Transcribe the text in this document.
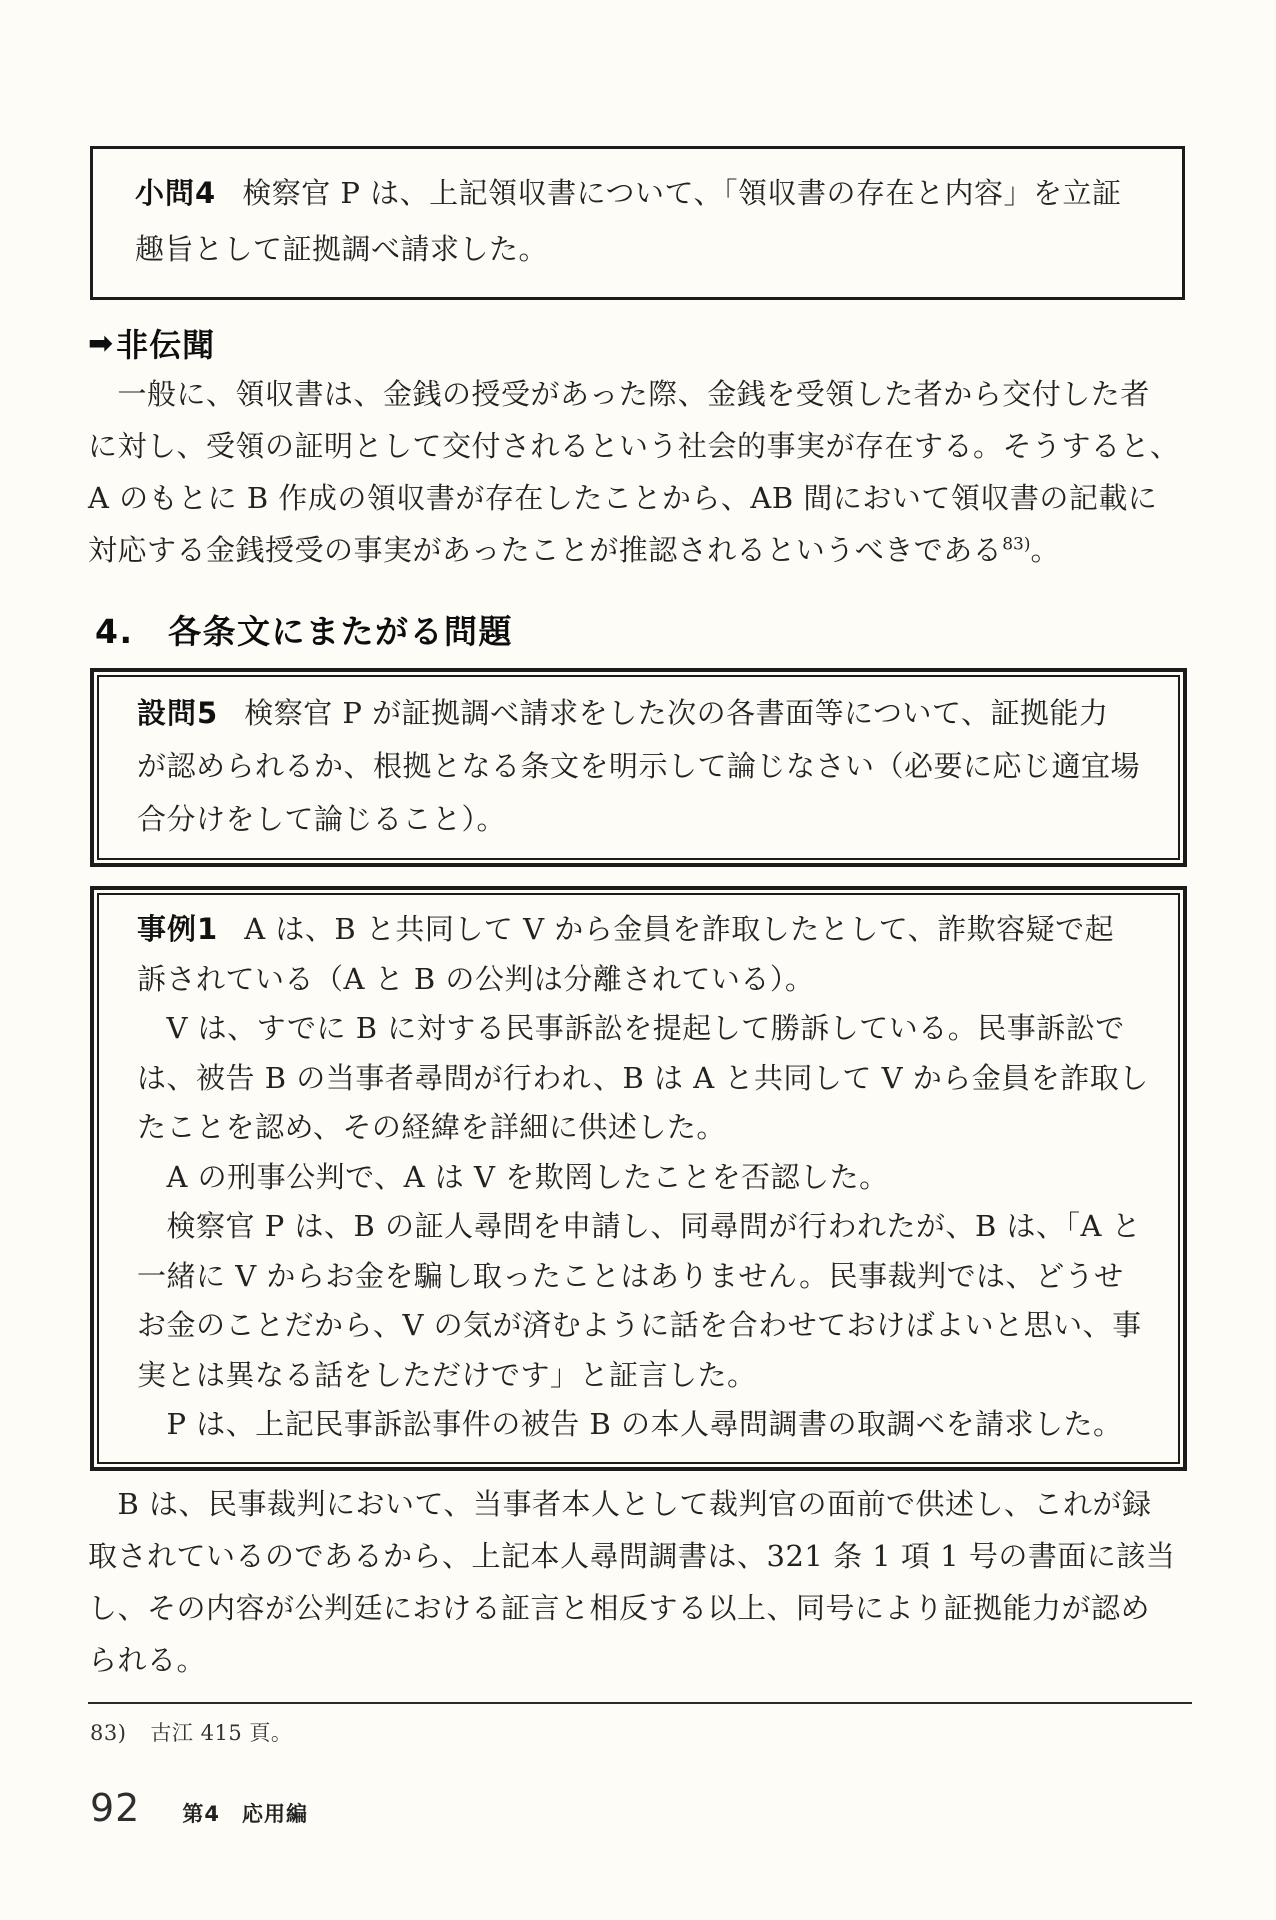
小問4 検察官 P は、上記領収書について、「領収書の存在と内容」を立証
趣旨として証拠調べ請求した。
➡ 非伝聞
　一般に、領収書は、金銭の授受があった際、金銭を受領した者から交付した者
に対し、受領の証明として交付されるという社会的事実が存在する。そうすると、
A のもとに B 作成の領収書が存在したことから、AB 間において領収書の記載に
対応する金銭授受の事実があったことが推認されるというべきである$^{83)}$。
4.　各条文にまたがる問題
設問5 検察官 P が証拠調べ請求をした次の各書面等について、証拠能力
が認められるか、根拠となる条文を明示して論じなさい（必要に応じ適宜場
合分けをして論じること）。
事例1 A は、B と共同して V から金員を詐取したとして、詐欺容疑で起
訴されている（A と B の公判は分離されている）。
　V は、すでに B に対する民事訴訟を提起して勝訴している。民事訴訟で
は、被告 B の当事者尋問が行われ、B は A と共同して V から金員を詐取し
たことを認め、その経緯を詳細に供述した。
　A の刑事公判で、A は V を欺罔したことを否認した。
　検察官 P は、B の証人尋問を申請し、同尋問が行われたが、B は、「A と
一緒に V からお金を騙し取ったことはありません。民事裁判では、どうせ
お金のことだから、V の気が済むように話を合わせておけばよいと思い、事
実とは異なる話をしただけです」と証言した。
　P は、上記民事訴訟事件の被告 B の本人尋問調書の取調べを請求した。
　B は、民事裁判において、当事者本人として裁判官の面前で供述し、これが録
取されているのであるから、上記本人尋問調書は、321 条 1 項 1 号の書面に該当
し、その内容が公判廷における証言と相反する以上、同号により証拠能力が認め
られる。
83) 古江 415 頁。
92 第4　応用編
